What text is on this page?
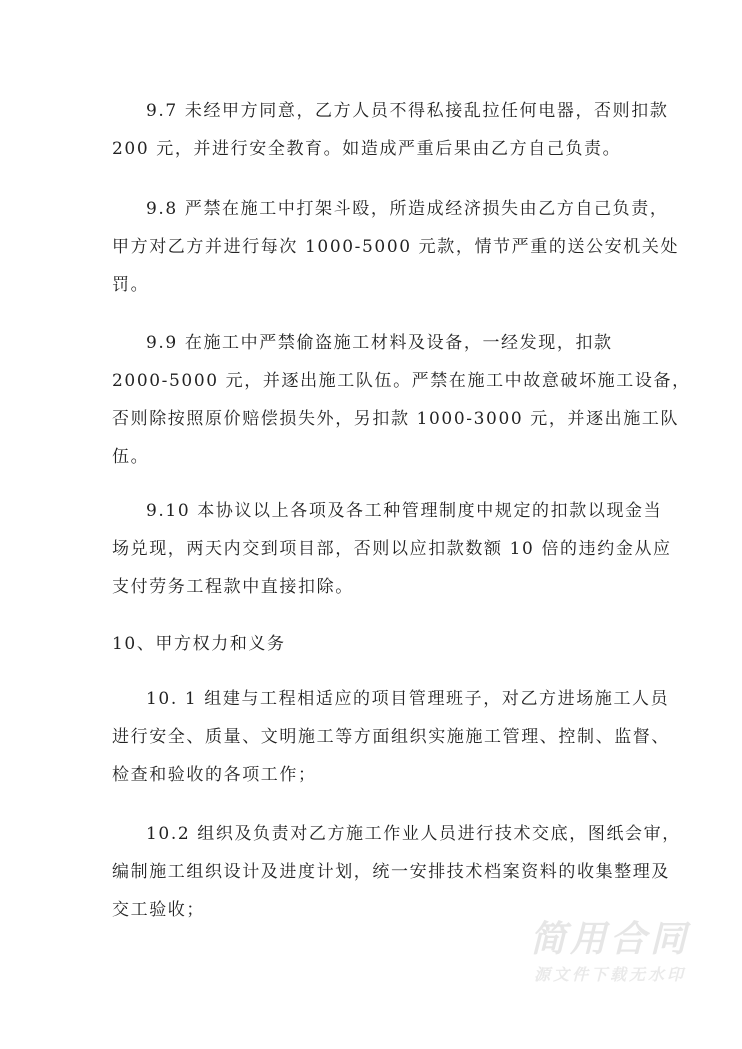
9.7 未经甲方同意，乙方人员不得私接乱拉任何电器，否则扣款
200 元，并进行安全教育。如造成严重后果由乙方自己负责。
9.8 严禁在施工中打架斗殴，所造成经济损失由乙方自己负责，
甲方对乙方并进行每次 1000-5000 元款，情节严重的送公安机关处
罚。
9.9 在施工中严禁偷盗施工材料及设备，一经发现，扣款
2000-5000 元，并逐出施工队伍。严禁在施工中故意破坏施工设备，
否则除按照原价赔偿损失外，另扣款 1000-3000 元，并逐出施工队
伍。
9.10 本协议以上各项及各工种管理制度中规定的扣款以现金当
场兑现，两天内交到项目部，否则以应扣款数额 10 倍的违约金从应
支付劳务工程款中直接扣除。
10、甲方权力和义务
10. 1 组建与工程相适应的项目管理班子，对乙方进场施工人员
进行安全、质量、文明施工等方面组织实施施工管理、控制、监督、
检查和验收的各项工作；
10.2 组织及负责对乙方施工作业人员进行技术交底，图纸会审，
编制施工组织设计及进度计划，统一安排技术档案资料的收集整理及
交工验收；
简用合同
源文件下载无水印
